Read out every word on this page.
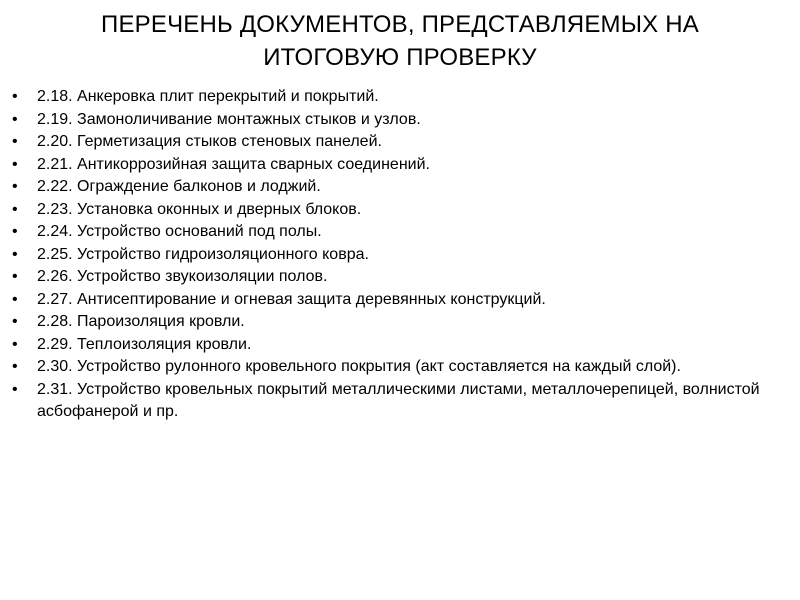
ПЕРЕЧЕНЬ ДОКУМЕНТОВ, ПРЕДСТАВЛЯЕМЫХ НА ИТОГОВУЮ ПРОВЕРКУ
•	2.18. Анкеровка плит перекрытий и покрытий.
•	2.19. Замоноличивание монтажных стыков и узлов.
•	2.20. Герметизация стыков стеновых панелей.
•	2.21. Антикоррозийная защита сварных соединений.
•	2.22. Ограждение балконов и лоджий.
•	2.23. Установка оконных и дверных блоков.
•	2.24. Устройство оснований под полы.
•	2.25. Устройство гидроизоляционного ковра.
•	2.26. Устройство звукоизоляции полов.
•	2.27. Антисептирование и огневая защита деревянных конструкций.
•	2.28. Пароизоляция кровли.
•	2.29. Теплоизоляция кровли.
•	2.30. Устройство рулонного кровельного покрытия (акт составляется на каждый слой).
•	2.31. Устройство кровельных покрытий металлическими листами, металлочерепицей, волнистой асбофанерой и пр.
